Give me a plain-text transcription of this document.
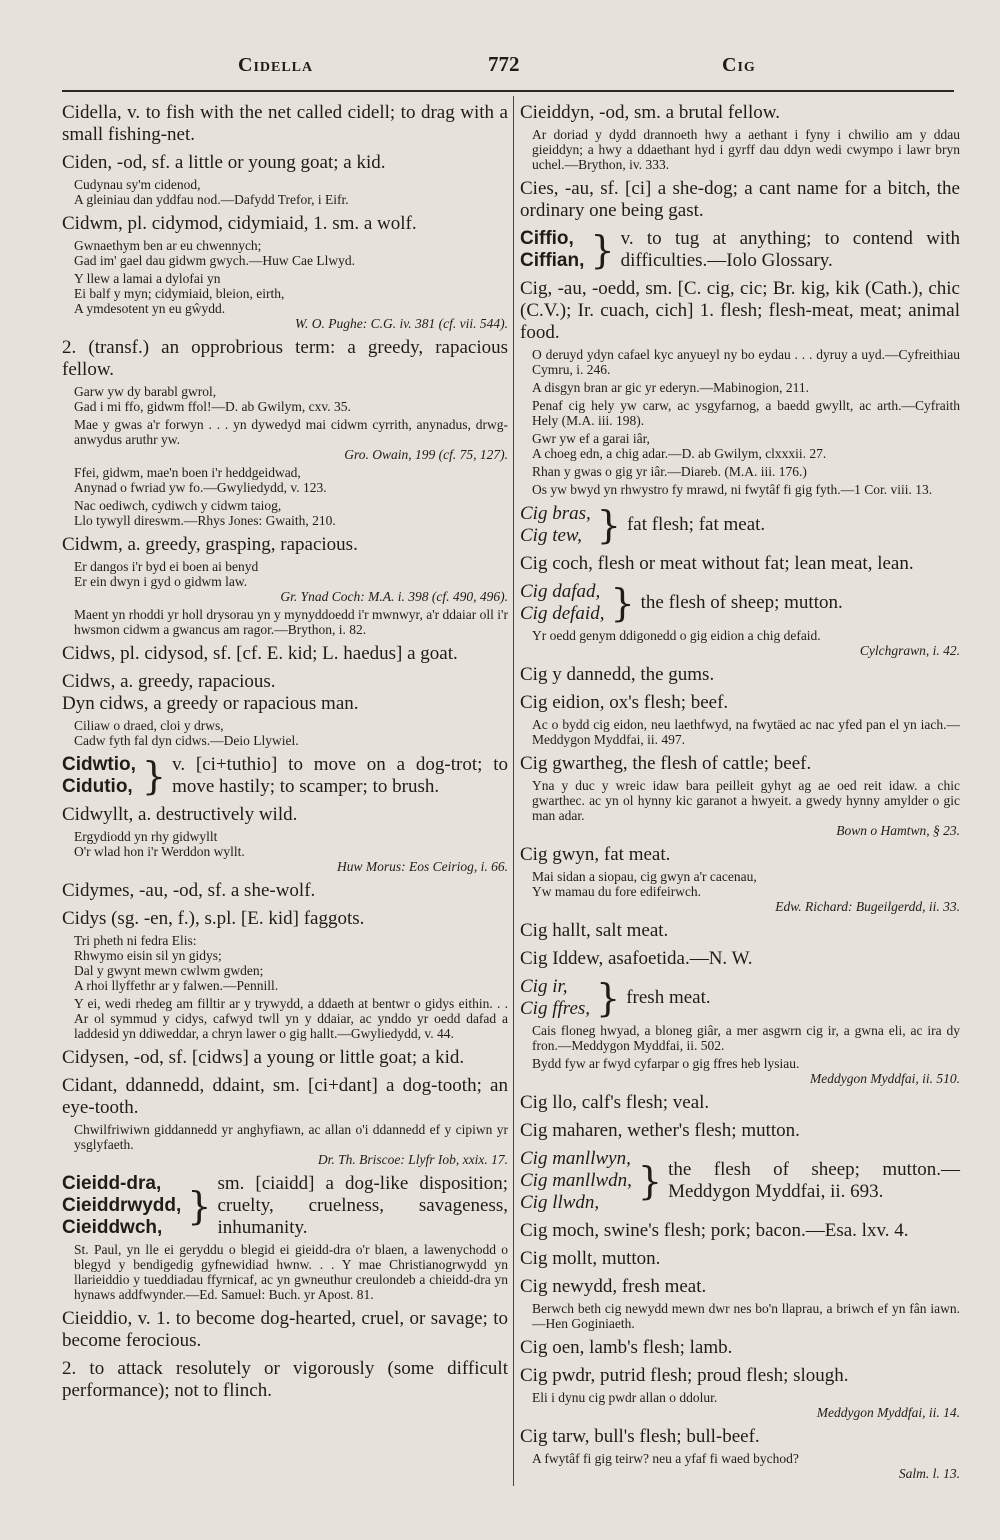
Cidella	772	Cig
Cidella, v. to fish with the net called cidell; to drag with a small fishing-net.
Ciden, -od, sf. a little or young goat; a kid.
Cudynau sy'm cidenod,
A gleiniau dan yddfau nod.—Dafydd Trefor, i Eifr.
Cidwm, pl. cidymod, cidymiaid, 1. sm. a wolf.
Gwnaethym ben ar eu chwennych;
Gad im' gael dau gidwm gwych.—Huw Cae Llwyd.
Y llew a lamai a dylofai yn
Ei balf y myn; cidymiaid, bleion, eirth,
A ymdesotent yn eu gŵydd.
W. O. Pughe: C.G. iv. 381 (cf. vii. 544).
2. (transf.) an opprobrious term: a greedy, rapacious fellow.
Garw yw dy barabl gwrol,
Gad i mi ffo, gidwm ffol!—D. ab Gwilym, cxv. 35.
Mae y gwas a'r forwyn . . . yn dywedyd mai cidwm cyrrith, anynadus, drwg-anwydus aruthr yw.
Gro. Owain, 199 (cf. 75, 127).
Ffei, gidwm, mae'n boen i'r heddgeidwad,
Anynad o fwriad yw fo.—Gwyliedydd, v. 123.
Nac oediwch, cydiwch y cidwm taiog,
Llo tywyll direswm.—Rhys Jones: Gwaith, 210.
Cidwm, a. greedy, grasping, rapacious.
Er dangos i'r byd ei boen ai benyd
Er ein dwyn i gyd o gidwm law.
Gr. Ynad Coch: M.A. i. 398 (cf. 490, 496).
Maent yn rhoddi yr holl drysorau yn y mynyddoedd i'r mwnwyr, a'r ddaiar oll i'r hwsmon cidwm a gwancus am ragor.—Brython, i. 82.
Cidws, pl. cidysod, sf. [cf. E. kid; L. haedus] a goat.
Cidws, a. greedy, rapacious.
Dyn cidws, a greedy or rapacious man.
Ciliaw o draed, cloi y drws,
Cadw fyth fal dyn cidws.—Deio Llywiel.
Cidwtio,
Cidutio, } v. [ci+tuthio] to move on a dog-trot; to move hastily; to scamper; to brush.
Cidwyllt, a. destructively wild.
Ergydiodd yn rhy gidwyllt
O'r wlad hon i'r Werddon wyllt.
Huw Morus: Eos Ceiriog, i. 66.
Cidymes, -au, -od, sf. a she-wolf.
Cidys (sg. -en, f.), s.pl. [E. kid] faggots.
Tri pheth ni fedra Elis:
Rhwymo eisin sil yn gidys;
Dal y gwynt mewn cwlwm gwden;
A rhoi llyffethr ar y falwen.—Pennill.
Y ei, wedi rhedeg am filltir ar y trywydd, a ddaeth at bentwr o gidys eithin. . . Ar ol symmud y cidys, cafwyd twll yn y ddaiar, ac ynddo yr oedd dafad a laddesid yn ddiweddar, a chryn lawer o gig hallt.—Gwyliedydd, v. 44.
Cidysen, -od, sf. [cidws] a young or little goat; a kid.
Cidant, ddannedd, ddaint, sm. [ci+dant] a dog-tooth; an eye-tooth.
Chwilfriwiwn giddannedd yr anghyfiawn, ac allan o'i ddannedd ef y cipiwn yr ysglyfaeth.
Dr. Th. Briscoe: Llyfr Iob, xxix. 17.
Cieidd-dra,
Cieiddrwydd,
Cieiddwch, }
sm. [ciaidd] a dog-like disposition; cruelty, cruelness, savageness, inhumanity.
St. Paul, yn lle ei geryddu o blegid ei gieidd-dra o'r blaen, a lawenychodd o blegyd y bendigedig gyfnewidiad hwnw. . . Y mae Christianogrwydd yn llarieiddio y tueddiadau ffyrnicaf, ac yn gwneuthur creulondeb a chieidd-dra yn hynaws addfwynder.—Ed. Samuel: Buch. yr Apost. 81.
Cieiddio, v. 1. to become dog-hearted, cruel, or savage; to become ferocious.
2. to attack resolutely or vigorously (some difficult performance); not to flinch.
Cieiddyn, -od, sm. a brutal fellow.
Ar doriad y dydd drannoeth hwy a aethant i fyny i chwilio am y ddau gieiddyn; a hwy a ddaethant hyd i gyrff dau ddyn wedi cwympo i lawr bryn uchel.—Brython, iv. 333.
Cies, -au, sf. [ci] a she-dog; a cant name for a bitch, the ordinary one being gast.
Ciffio,
Ciffian, } v. to tug at anything; to contend with difficulties.—Iolo Glossary.
Cig, -au, -oedd, sm. [C. cig, cic; Br. kig, kik (Cath.), chic (C.V.); Ir. cuach, cich] 1. flesh; flesh-meat, meat; animal food.
O deruyd ydyn cafael kyc anyueyl ny bo eydau . . . dyruy a uyd.—Cyfreithiau Cymru, i. 246.
A disgyn bran ar gic yr ederyn.—Mabinogion, 211.
Penaf cig hely yw carw, ac ysgyfarnog, a baedd gwyllt, ac arth.—Cyfraith Hely (M.A. iii. 198).
Gwr yw ef a garai iâr,
A choeg edn, a chig adar.—D. ab Gwilym, clxxxii. 27.
Rhan y gwas o gig yr iâr.—Diareb. (M.A. iii. 176.)
Os yw bwyd yn rhwystro fy mrawd, ni fwytâf fi gig fyth.—1 Cor. viii. 13.
Cig bras,
Cig tew, } fat flesh; fat meat.
Cig coch, flesh or meat without fat; lean meat, lean.
Cig dafad,
Cig defaid, } the flesh of sheep; mutton.
Yr oedd genym ddigonedd o gig eidion a chig defaid.
Cylchgrawn, i. 42.
Cig y dannedd, the gums.
Cig eidion, ox's flesh; beef.
Ac o bydd cig eidon, neu laethfwyd, na fwytäed ac nac yfed pan el yn iach.—Meddygon Myddfai, ii. 497.
Cig gwartheg, the flesh of cattle; beef.
Yna y duc y wreic idaw bara peilleit gyhyt ag ae oed reit idaw. a chic gwarthec. ac yn ol hynny kic garanot a hwyeit. a gwedy hynny amylder o gic man adar.
Bown o Hamtwn, § 23.
Cig gwyn, fat meat.
Mai sidan a siopau, cig gwyn a'r cacenau,
Yw mamau du fore edifeirwch.
Edw. Richard: Bugeilgerdd, ii. 33.
Cig hallt, salt meat.
Cig Iddew, asafoetida.—N. W.
Cig ir,
Cig ffres, } fresh meat.
Cais floneg hwyad, a bloneg giâr, a mer asgwrn cig ir, a gwna eli, ac ira dy fron.—Meddygon Myddfai, ii. 502.
Bydd fyw ar fwyd cyfarpar o gig ffres heb lysiau.
Meddygon Myddfai, ii. 510.
Cig llo, calf's flesh; veal.
Cig maharen, wether's flesh; mutton.
Cig manllwyn,
Cig manllwdn,
Cig llwdn,	} the flesh of sheep; mutton.—Meddygon Myddfai, ii. 693.
Cig moch, swine's flesh; pork; bacon.—Esa. lxv. 4.
Cig mollt, mutton.
Cig newydd, fresh meat.
Berwch beth cig newydd mewn dwr nes bo'n llaprau, a briwch ef yn fân iawn.—Hen Goginiaeth.
Cig oen, lamb's flesh; lamb.
Cig pwdr, putrid flesh; proud flesh; slough.
Eli i dynu cig pwdr allan o ddolur.
Meddygon Myddfai, ii. 14.
Cig tarw, bull's flesh; bull-beef.
A fwytâf fi gig teirw? neu a yfaf fi waed bychod?
Salm. l. 13.
